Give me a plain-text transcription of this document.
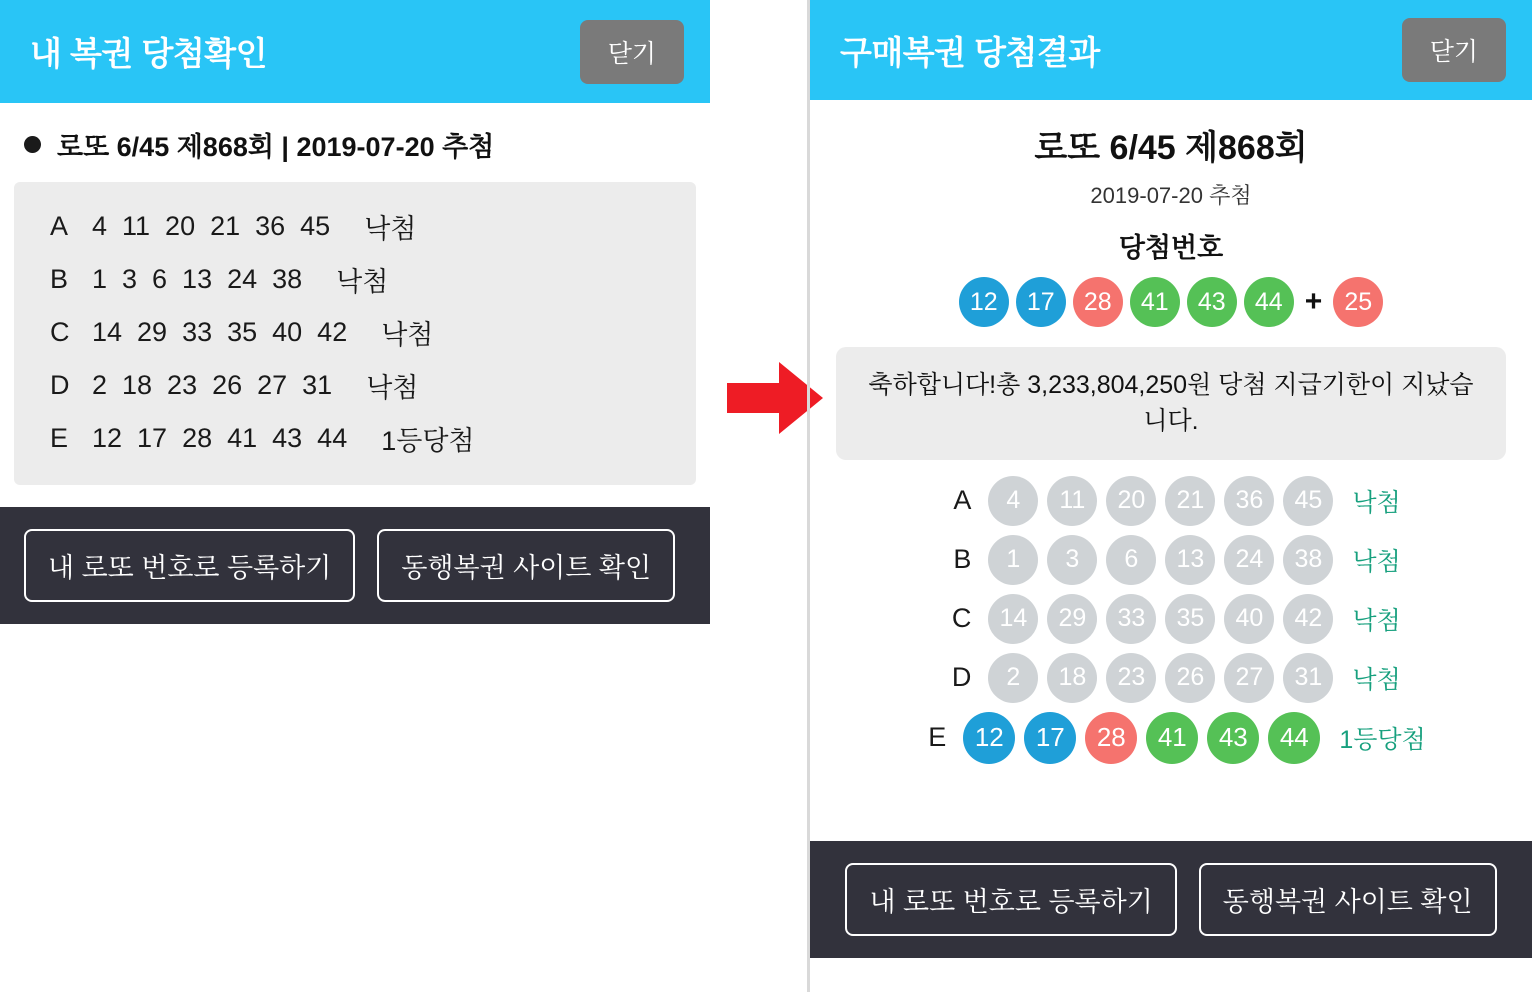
내 복권 당첨확인	닫기
로또 6/45 제868회 | 2019-07-20 추첨
A 4  11  20  21  36  45 낙첨
B 1  3  6  13  24  38 낙첨
C 14  29  33  35  40  42 낙첨
D 2  18  23  26  27  31 낙첨
E 12  17  28  41  43  44 1등당첨
내 로또 번호로 등록하기	동행복권 사이트 확인
구매복권 당첨결과	닫기
로또 6/45 제868회
2019-07-20 추첨
당첨번호
12	17	28	41	43	44 + 25
축하합니다!총 3,233,804,250원 당첨 지급기한이 지났습니다.
A	4	11	20	21	36	45	낙첨
B	1	3	6	13	24	38	낙첨
C	14	29	33	35	40	42	낙첨
D	2	18	23	26	27	31	낙첨
E	12	17	28	41	43	44	1등당첨
내 로또 번호로 등록하기	동행복권 사이트 확인
